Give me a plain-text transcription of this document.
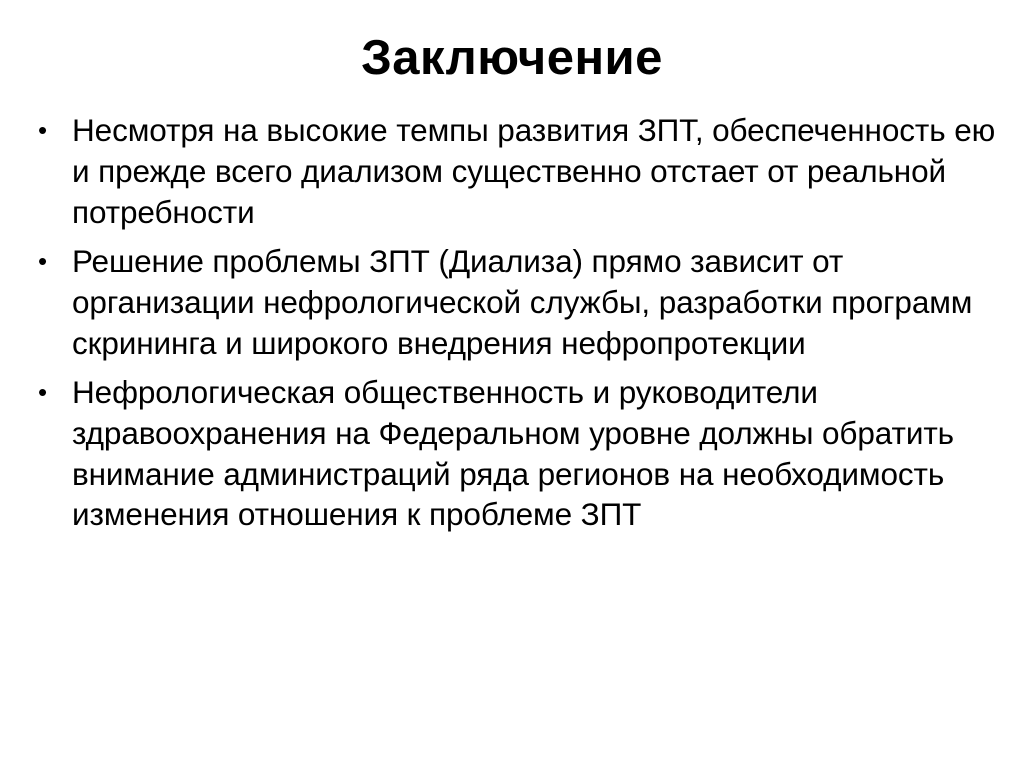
Заключение
• Несмотря на высокие темпы развития ЗПТ, обеспеченность ею и прежде всего диализом существенно отстает от реальной потребности
• Решение проблемы ЗПТ (Диализа) прямо зависит от организации нефрологической службы, разработки программ скрининга и широкого внедрения нефропротекции
• Нефрологическая общественность и руководители здравоохранения на Федеральном уровне должны обратить внимание администраций ряда регионов на необходимость изменения отношения к проблеме ЗПТ
